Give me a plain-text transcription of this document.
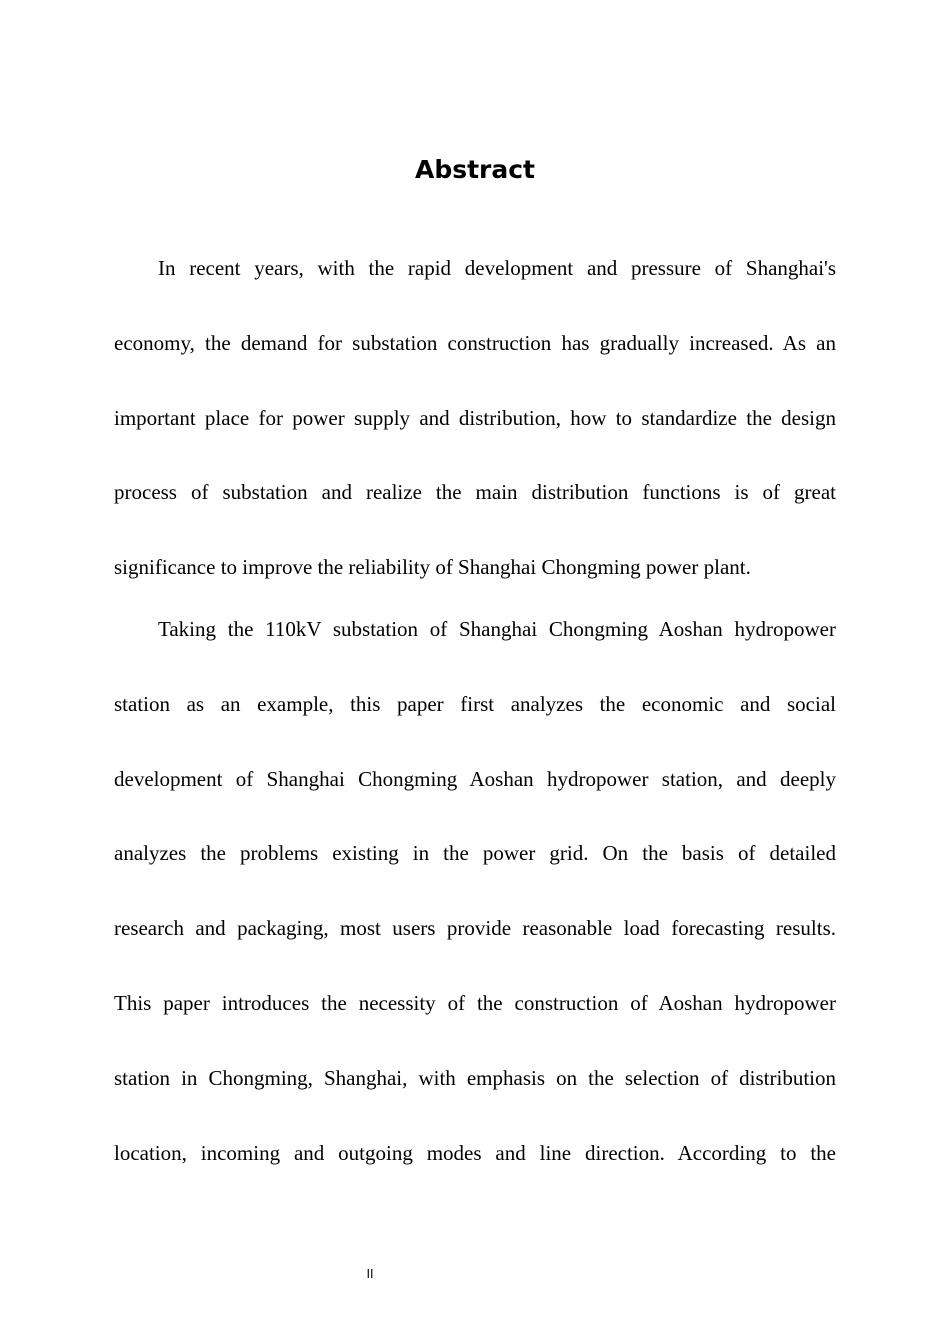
Abstract
In recent years, with the rapid development and pressure of Shanghai's
economy, the demand for substation construction has gradually increased. As an
important place for power supply and distribution, how to standardize the design
process of substation and realize the main distribution functions is of great
significance to improve the reliability of Shanghai Chongming power plant.
Taking the 110kV substation of Shanghai Chongming Aoshan hydropower
station as an example, this paper first analyzes the economic and social
development of Shanghai Chongming Aoshan hydropower station, and deeply
analyzes the problems existing in the power grid. On the basis of detailed
research and packaging, most users provide reasonable load forecasting results.
This paper introduces the necessity of the construction of Aoshan hydropower
station in Chongming, Shanghai, with emphasis on the selection of distribution
location, incoming and outgoing modes and line direction. According to the
II
